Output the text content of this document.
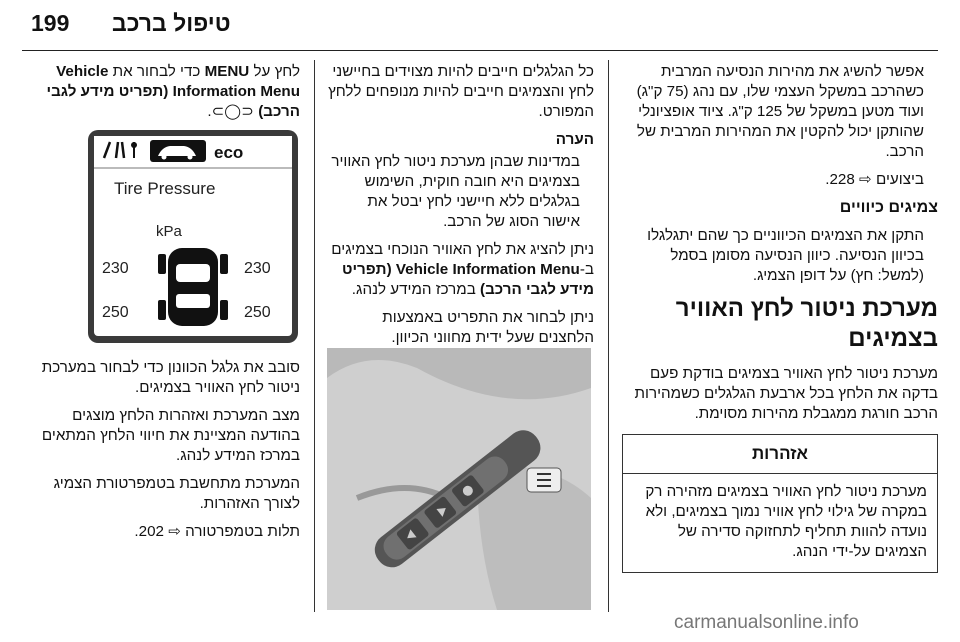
199 טיפול ברכב

אפשר להשיג את מהירות הנסיעה המרבית כשהרכב במשקל העצמי שלו, עם נהג (75 ק"ג) ועוד מטען במשקל של 125 ק"ג. ציוד אופציונלי שהותקן יכול להקטין את המהירות המרבית של הרכב.

ביצועים ⇨ 228.

צמיגים כיוויים

התקן את הצמיגים הכיווניים כך שהם יתגלגלו בכיוון הנסיעה. כיוון הנסיעה מסומן בסמל (למשל: חץ) על דופן הצמיג.

מערכת ניטור לחץ האוויר בצמיגים

מערכת ניטור לחץ האוויר בצמיגים בודקת פעם בדקה את הלחץ בכל ארבעת הגלגלים כשמהירות הרכב חורגת ממגבלת מהירות מסוימת.

אזהרות
מערכת ניטור לחץ האוויר בצמיגים מזהירה רק במקרה של גילוי לחץ אוויר נמוך בצמיגים, ולא נועדה להוות תחליף לתחזוקה סדירה של הצמיגים על-ידי הנהג.

כל הגלגלים חייבים להיות מצוידים בחיישני לחץ והצמיגים חייבים להיות מנופחים ללחץ המפורט.

הערה

במדינות שבהן מערכת ניטור לחץ האוויר בצמיגים היא חובה חוקית, השימוש בגלגלים ללא חיישני לחץ יבטל את אישור הסוג של הרכב.

ניתן להציג את לחץ האוויר הנוכחי בצמיגים ב-Vehicle Information Menu (תפריט מידע לגבי הרכב) במרכז המידע לנהג.

ניתן לבחור את התפריט באמצעות הלחצנים שעל ידית מחווני הכיוון.

לחץ על MENU כדי לבחור את Vehicle Information Menu (תפריט מידע לגבי הרכב) ⊂◯⊃.

eco
Tire Pressure
kPa
230	230
250	250

סובב את גלגל הכוונון כדי לבחור במערכת ניטור לחץ האוויר בצמיגים.

מצב המערכת ואזהרות הלחץ מוצגים בהודעה המציינת את חיווי הלחץ המתאים במרכז המידע לנהג.

המערכת מתחשבת בטמפרטורת הצמיג לצורך האזהרות.

תלות בטמפרטורה ⇨ 202.

carmanualsonline.info
